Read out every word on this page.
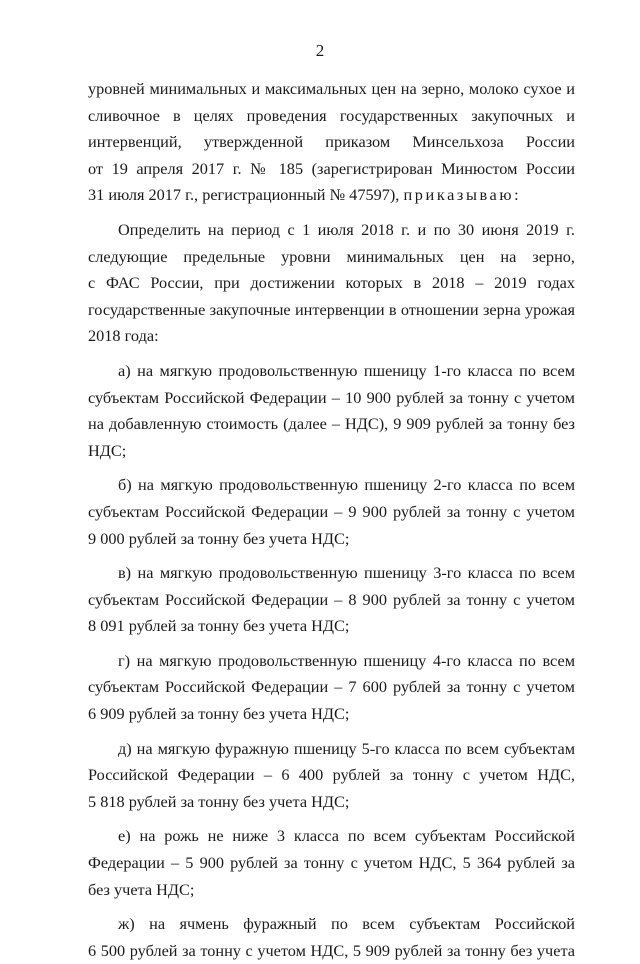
2
уровней минимальных и максимальных цен на зерно, молоко сухое и
сливочное в целях проведения государственных закупочных и
интервенций, утвержденной приказом Минсельхоза России
от 19 апреля 2017 г. № 185 (зарегистрирован Минюстом России
31 июля 2017 г., регистрационный № 47597), приказываю:
Определить на период с 1 июля 2018 г. и по 30 июня 2019 г.
следующие предельные уровни минимальных цен на зерно,
с ФАС России, при достижении которых в 2018 – 2019 годах
государственные закупочные интервенции в отношении зерна урожая
2018 года:
а) на мягкую продовольственную пшеницу 1-го класса по всем
субъектам Российской Федерации – 10 900 рублей за тонну с учетом
на добавленную стоимость (далее – НДС), 9 909 рублей за тонну без
НДС;
б) на мягкую продовольственную пшеницу 2-го класса по всем
субъектам Российской Федерации – 9 900 рублей за тонну с учетом
9 000 рублей за тонну без учета НДС;
в) на мягкую продовольственную пшеницу 3-го класса по всем
субъектам Российской Федерации – 8 900 рублей за тонну с учетом
8 091 рублей за тонну без учета НДС;
г) на мягкую продовольственную пшеницу 4-го класса по всем
субъектам Российской Федерации – 7 600 рублей за тонну с учетом
6 909 рублей за тонну без учета НДС;
д) на мягкую фуражную пшеницу 5-го класса по всем субъектам
Российской Федерации – 6 400 рублей за тонну с учетом НДС,
5 818 рублей за тонну без учета НДС;
е) на рожь не ниже 3 класса по всем субъектам Российской
Федерации – 5 900 рублей за тонну с учетом НДС, 5 364 рублей за
без учета НДС;
ж) на ячмень фуражный по всем субъектам Российской
6 500 рублей за тонну с учетом НДС, 5 909 рублей за тонну без учета
